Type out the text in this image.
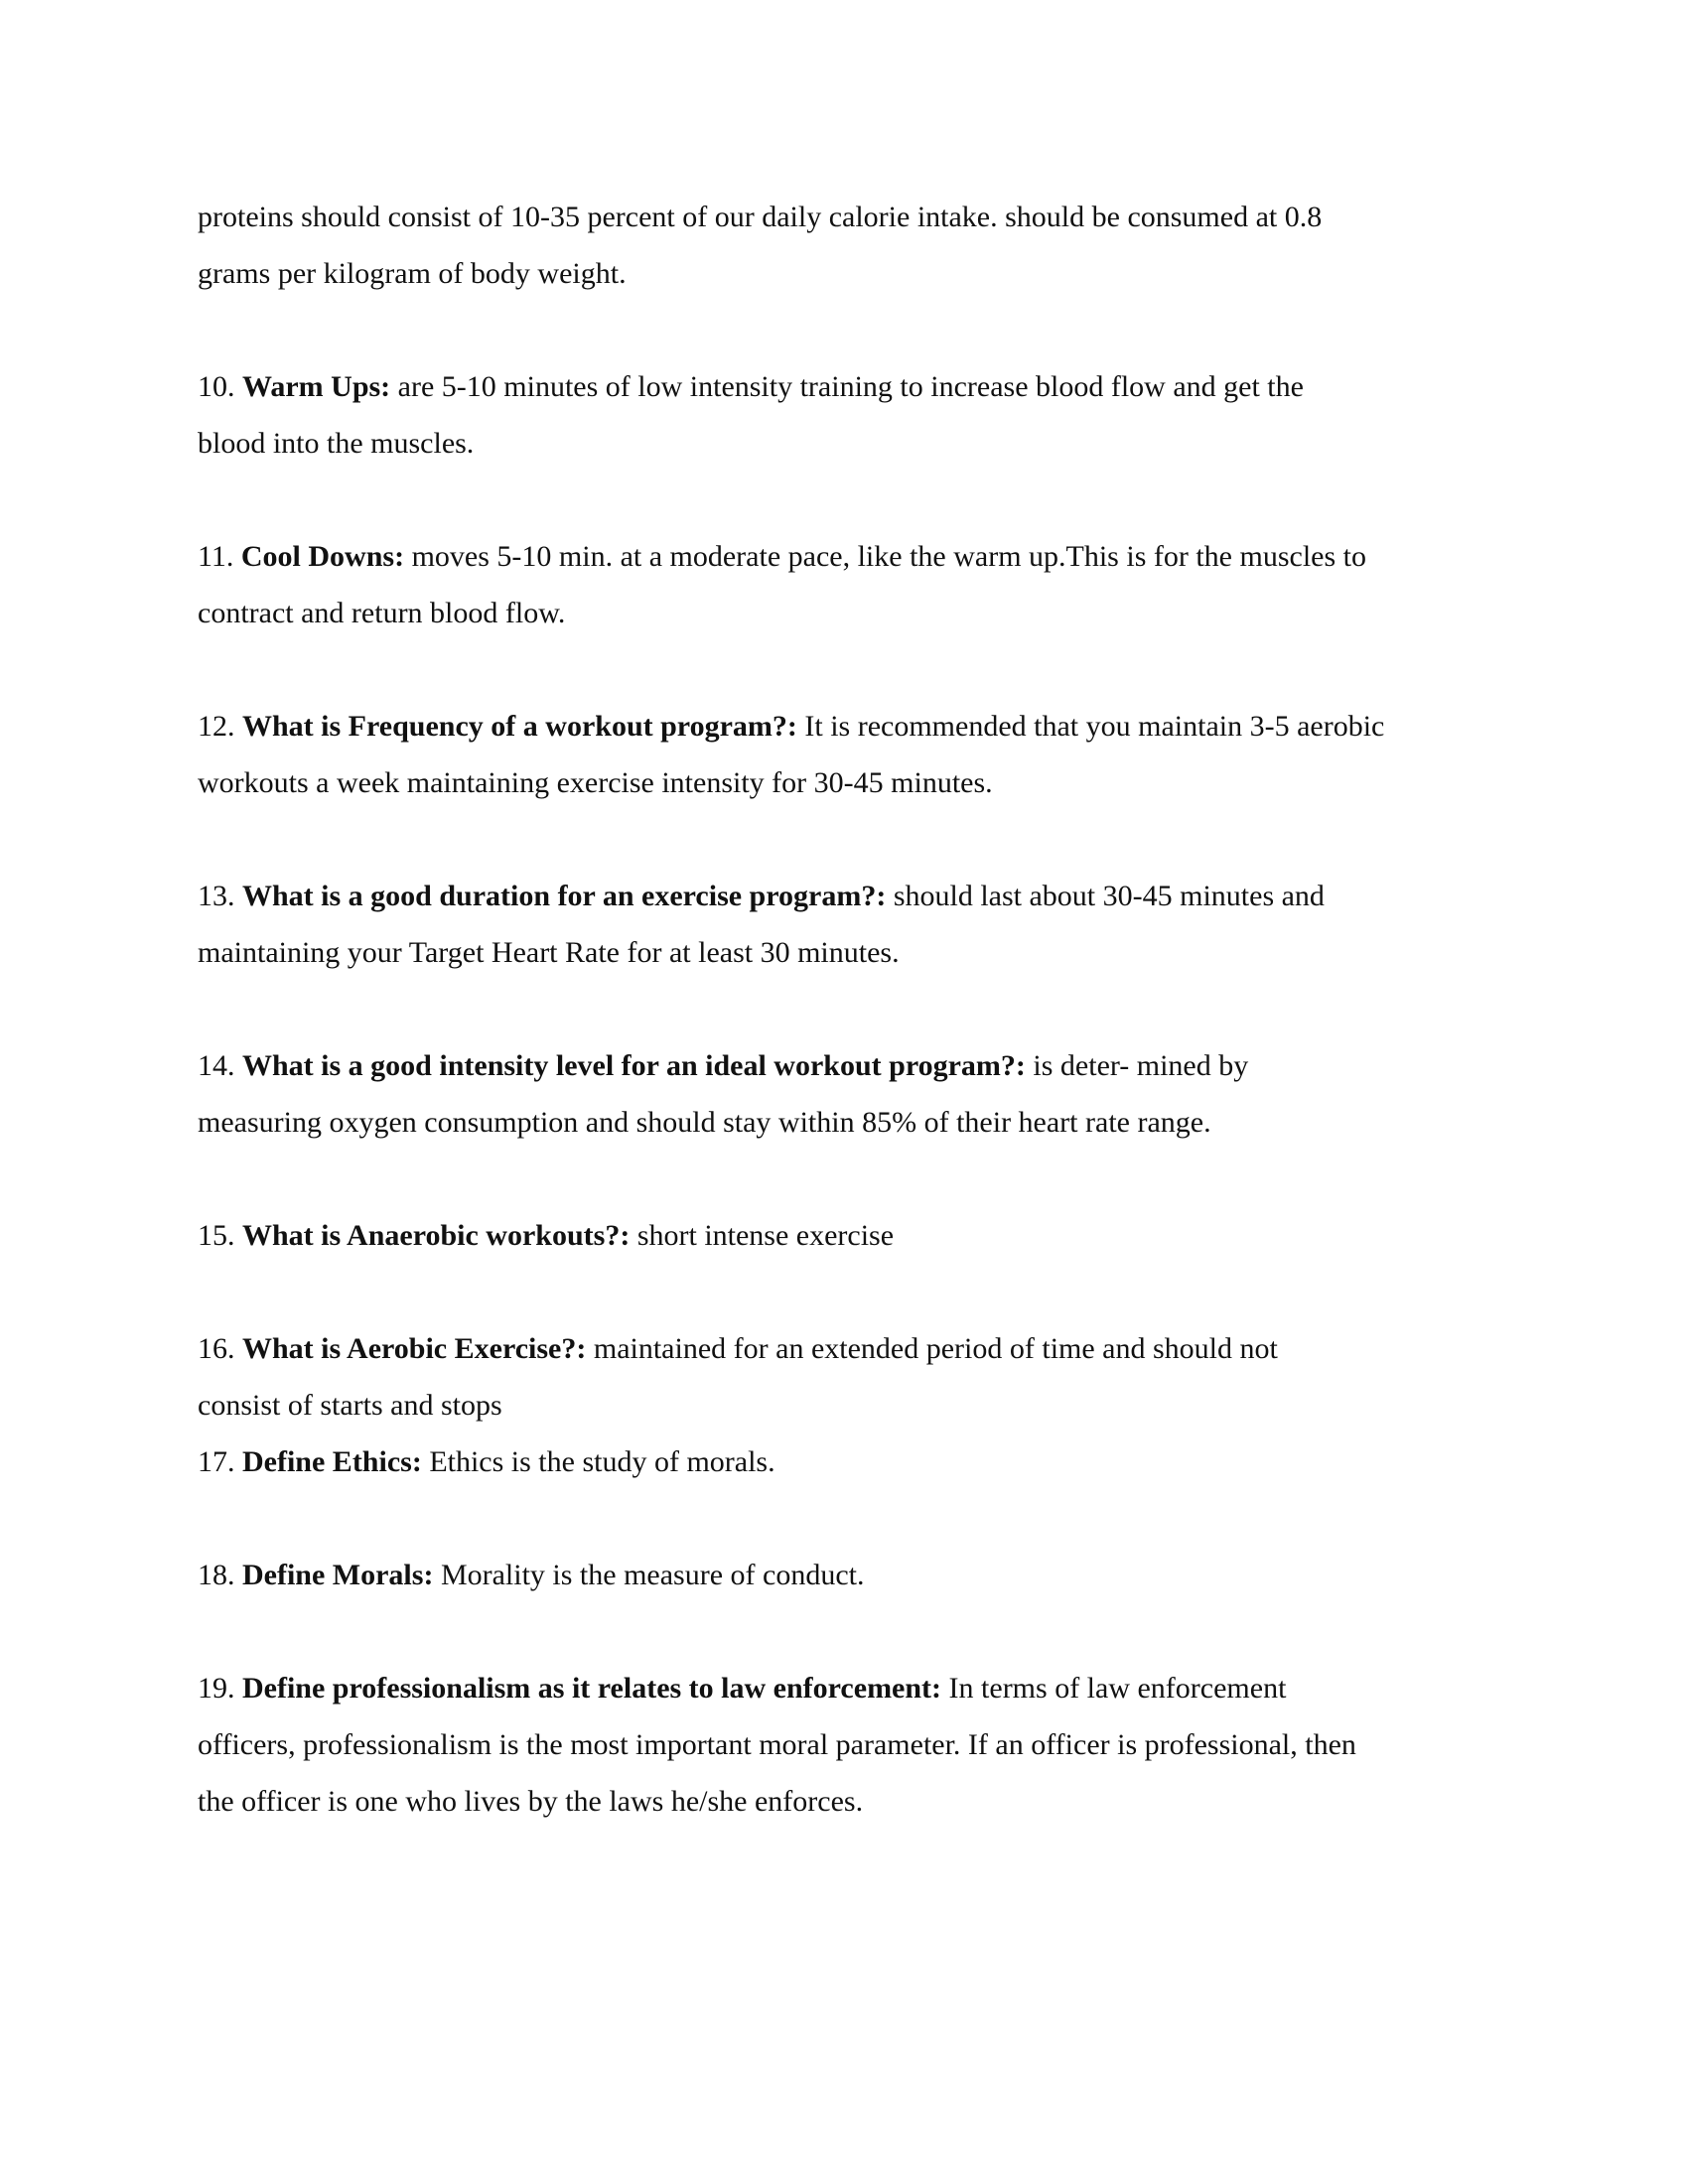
proteins should consist of 10-35 percent of our daily calorie intake. should be consumed at 0.8
grams per kilogram of body weight.

10. Warm Ups: are 5-10 minutes of low intensity training to increase blood flow and get the
blood into the muscles.

11. Cool Downs: moves 5-10 min. at a moderate pace, like the warm up.This is for the muscles to
contract and return blood flow.

12. What is Frequency of a workout program?: It is recommended that you maintain 3-5 aerobic
workouts a week maintaining exercise intensity for 30-45 minutes.

13. What is a good duration for an exercise program?: should last about 30-45 minutes and
maintaining your Target Heart Rate for at least 30 minutes.

14. What is a good intensity level for an ideal workout program?: is deter- mined by
measuring oxygen consumption and should stay within 85% of their heart rate range.

15. What is Anaerobic workouts?: short intense exercise

16. What is Aerobic Exercise?: maintained for an extended period of time and should not
consist of starts and stops

17. Define Ethics: Ethics is the study of morals.

18. Define Morals: Morality is the measure of conduct.

19. Define professionalism as it relates to law enforcement: In terms of law enforcement
officers, professionalism is the most important moral parameter. If an officer is professional, then
the officer is one who lives by the laws he/she enforces.
